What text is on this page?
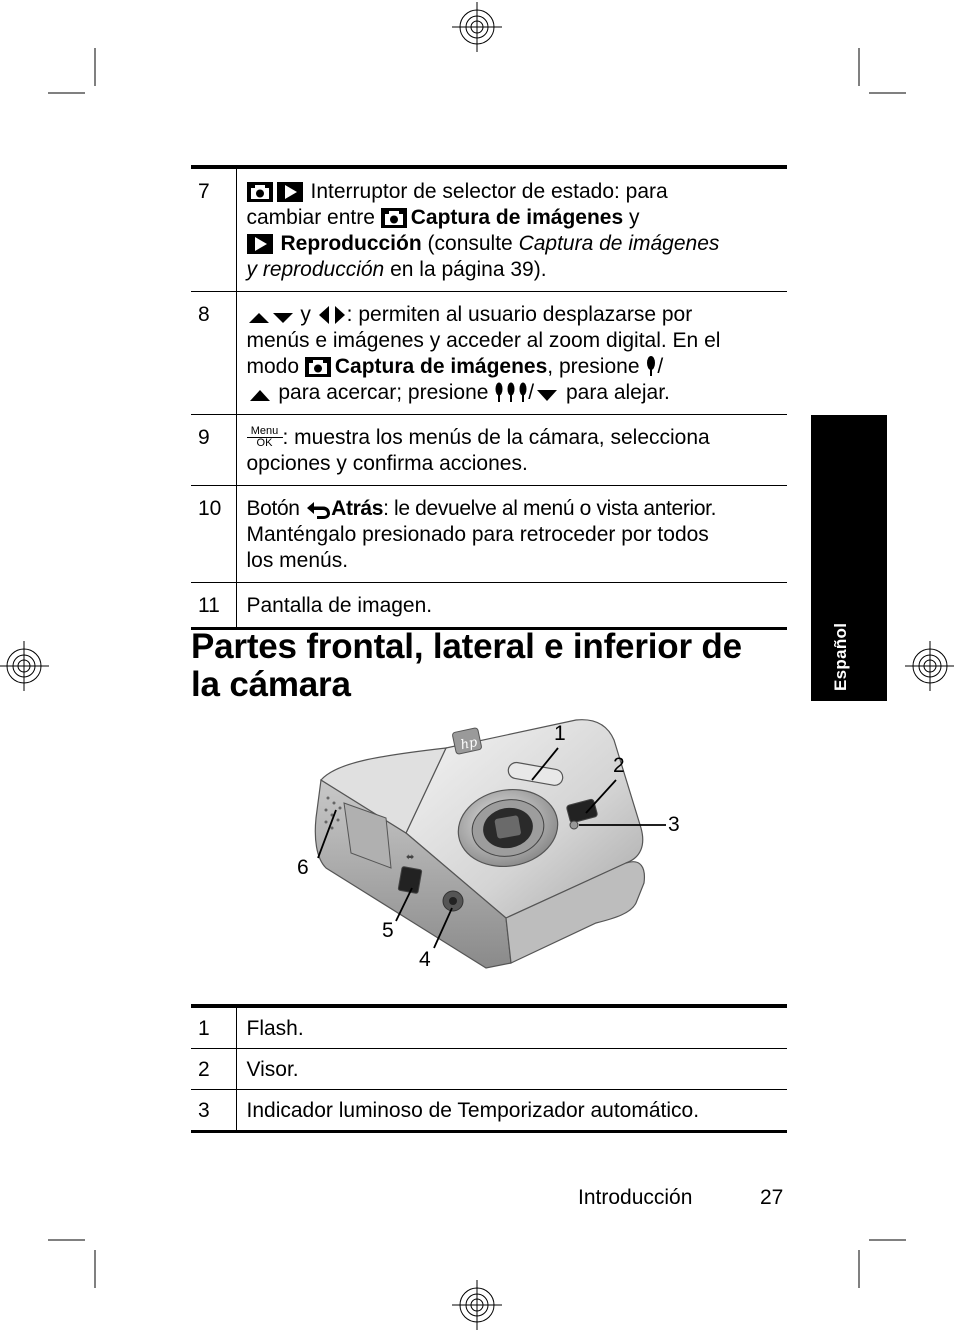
Español
7	Interruptor de selector de estado: para
cambiar entre Captura de imágenes y
Reproducción (consulte Captura de imágenes
y reproducción en la página 39).

8	y : permiten al usuario desplazarse por
menús e imágenes y acceder al zoom digital. En el
modo Captura de imágenes, presione /
para acercar; presione / para alejar.

9	Menu
OK : muestra los menús de la cámara, selecciona
opciones y confirma acciones.

10	Botón Atrás: le devuelve al menú o vista anterior.
Manténgalo presionado para retroceder por todos
los menús.

11	Pantalla de imagen.
Partes frontal, lateral e inferior de
la cámara
hp
⬌
1
2
3
4
5
6
1	Flash.
2	Visor.
3	Indicador luminoso de Temporizador automático.
Introducción	27
